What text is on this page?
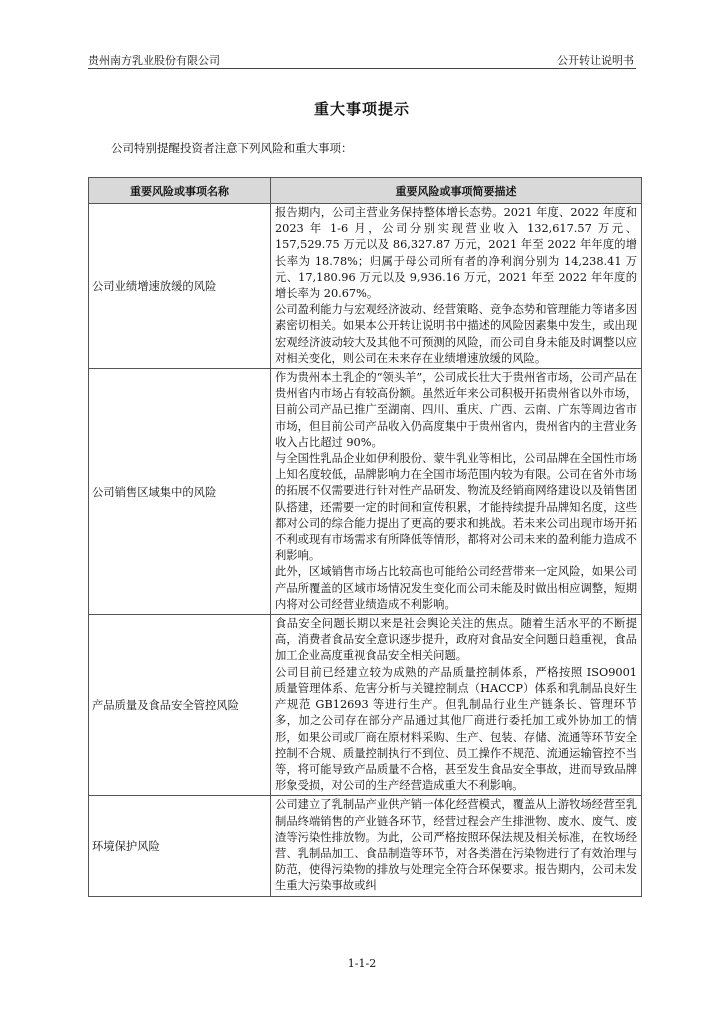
贵州南方乳业股份有限公司	公开转让说明书
重大事项提示
公司特别提醒投资者注意下列风险和重大事项：
重要风险或事项名称	重要风险或事项简要描述
公司业绩增速放缓的风险	报告期内，公司主营业务保持整体增长态势。2021 年度、2022 年度和 2023 年 1-6 月，公司分别实现营业收入 132,617.57 万元、157,529.75 万元以及 86,327.87 万元，2021 年至 2022 年年度的增长率为 18.78%；归属于母公司所有者的净利润分别为 14,238.41 万元、17,180.96 万元以及 9,936.16 万元，2021 年至 2022 年年度的增长率为 20.67%。

公司盈利能力与宏观经济波动、经营策略、竞争态势和管理能力等诸多因素密切相关。如果本公开转让说明书中描述的风险因素集中发生，或出现宏观经济波动较大及其他不可预测的风险，而公司自身未能及时调整以应对相关变化，则公司在未来存在业绩增速放缓的风险。

公司销售区域集中的风险	作为贵州本土乳企的“领头羊”，公司成长壮大于贵州省市场，公司产品在贵州省内市场占有较高份额。虽然近年来公司积极开拓贵州省以外市场，目前公司产品已推广至湖南、四川、重庆、广西、云南、广东等周边省市市场，但目前公司产品收入仍高度集中于贵州省内，贵州省内的主营业务收入占比超过 90%。

与全国性乳品企业如伊利股份、蒙牛乳业等相比，公司品牌在全国性市场上知名度较低，品牌影响力在全国市场范围内较为有限。公司在省外市场的拓展不仅需要进行针对性产品研发、物流及经销商网络建设以及销售团队搭建，还需要一定的时间和宣传积累，才能持续提升品牌知名度，这些都对公司的综合能力提出了更高的要求和挑战。若未来公司出现市场开拓不利或现有市场需求有所降低等情形，都将对公司未来的盈利能力造成不利影响。

此外，区域销售市场占比较高也可能给公司经营带来一定风险，如果公司产品所覆盖的区域市场情况发生变化而公司未能及时做出相应调整，短期内将对公司经营业绩造成不利影响。

产品质量及食品安全管控风险	食品安全问题长期以来是社会舆论关注的焦点。随着生活水平的不断提高，消费者食品安全意识逐步提升，政府对食品安全问题日趋重视，食品加工企业高度重视食品安全相关问题。

公司目前已经建立较为成熟的产品质量控制体系，严格按照 ISO9001 质量管理体系、危害分析与关键控制点（HACCP）体系和乳制品良好生产规范 GB12693 等进行生产。但乳制品行业生产链条长、管理环节多，加之公司存在部分产品通过其他厂商进行委托加工或外协加工的情形，如果公司或厂商在原材料采购、生产、包装、存储、流通等环节安全控制不合规、质量控制执行不到位、员工操作不规范、流通运输管控不当等，将可能导致产品质量不合格，甚至发生食品安全事故，进而导致品牌形象受损，对公司的生产经营造成重大不利影响。

环境保护风险	公司建立了乳制品产业供产销一体化经营模式，覆盖从上游牧场经营至乳制品终端销售的产业链各环节，经营过程会产生排泄物、废水、废气、废渣等污染性排放物。为此，公司严格按照环保法规及相关标准，在牧场经营、乳制品加工、食品制造等环节，对各类潜在污染物进行了有效治理与防范，使得污染物的排放与处理完全符合环保要求。报告期内，公司未发生重大污染事故或纠

1-1-2
